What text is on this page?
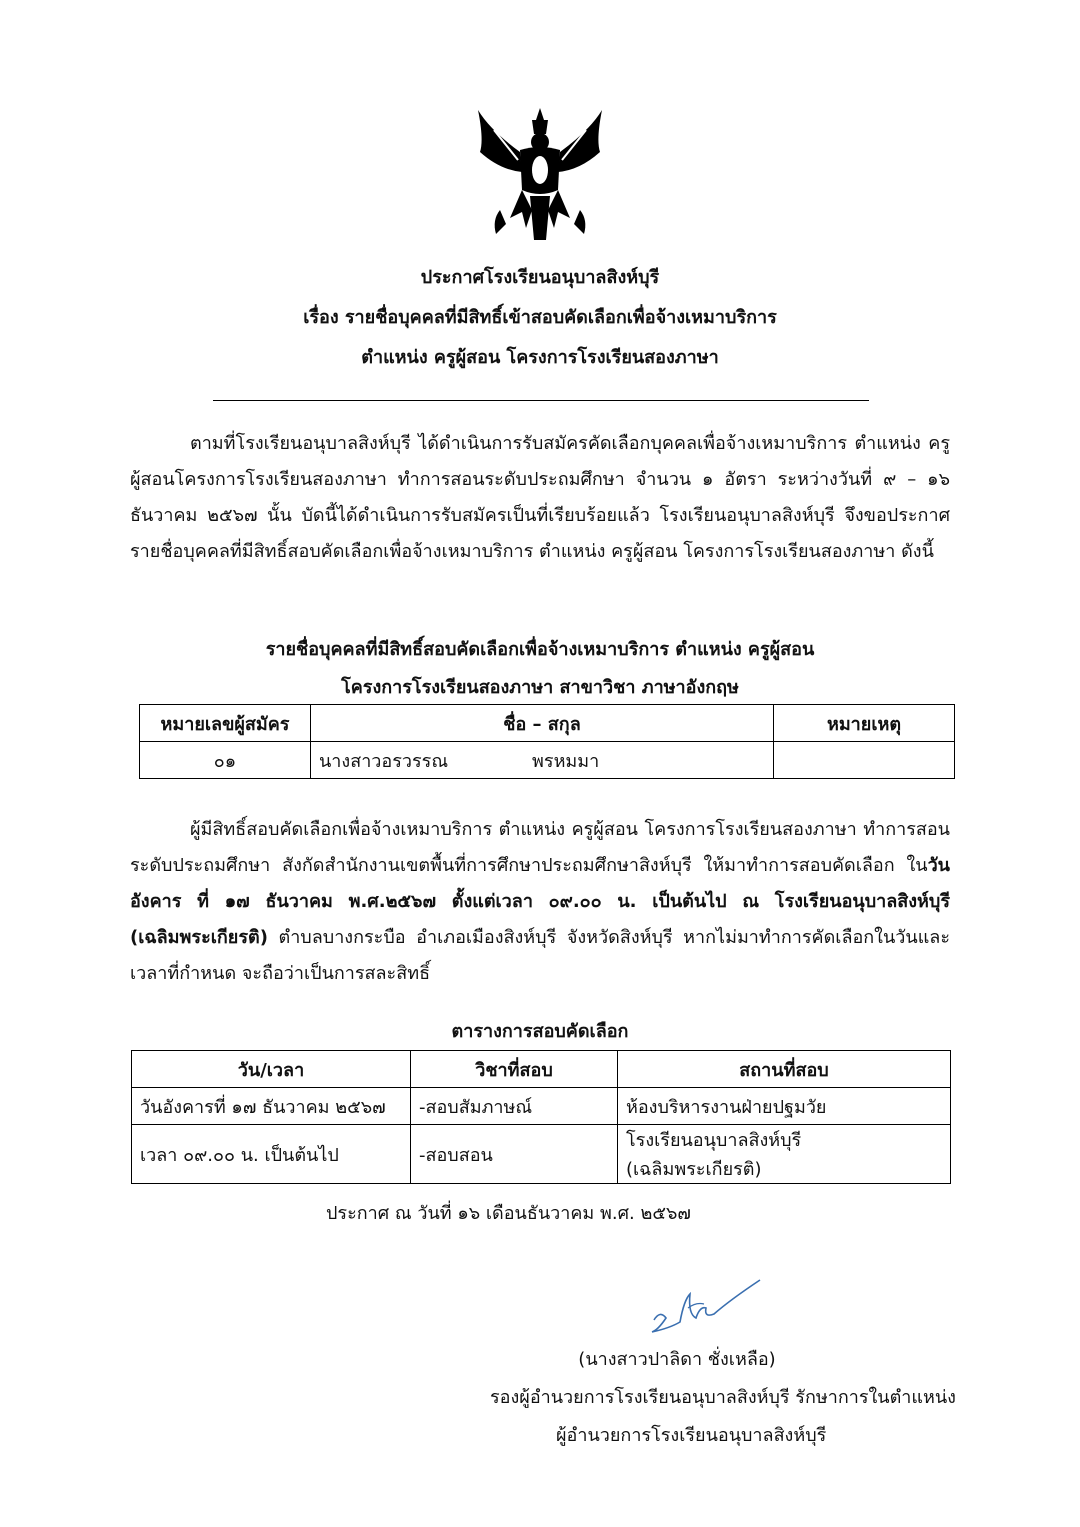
ประกาศโรงเรียนอนุบาลสิงห์บุรี
เรื่อง รายชื่อบุคคลที่มีสิทธิ์เข้าสอบคัดเลือกเพื่อจ้างเหมาบริการ
ตำแหน่ง ครูผู้สอน โครงการโรงเรียนสองภาษา
ตามที่โรงเรียนอนุบาลสิงห์บุรี ได้ดำเนินการรับสมัครคัดเลือกบุคคลเพื่อจ้างเหมาบริการ ตำแหน่ง ครูผู้สอนโครงการโรงเรียนสองภาษา ทำการสอนระดับประถมศึกษา จำนวน ๑ อัตรา ระหว่างวันที่ ๙ – ๑๖ ธันวาคม ๒๕๖๗ นั้น บัดนี้ได้ดำเนินการรับสมัครเป็นที่เรียบร้อยแล้ว โรงเรียนอนุบาลสิงห์บุรี จึงขอประกาศรายชื่อบุคคลที่มีสิทธิ์สอบคัดเลือกเพื่อจ้างเหมาบริการ ตำแหน่ง ครูผู้สอน โครงการโรงเรียนสองภาษา ดังนี้
รายชื่อบุคคลที่มีสิทธิ์สอบคัดเลือกเพื่อจ้างเหมาบริการ ตำแหน่ง ครูผู้สอน
โครงการโรงเรียนสองภาษา สาขาวิชา ภาษาอังกฤษ
หมายเลขผู้สมัคร	ชื่อ – สกุล	หมายเหตุ
๐๑	นางสาวอรวรรณ พรหมมา	
ผู้มีสิทธิ์สอบคัดเลือกเพื่อจ้างเหมาบริการ ตำแหน่ง ครูผู้สอน โครงการโรงเรียนสองภาษา ทำการสอนระดับประถมศึกษา สังกัดสำนักงานเขตพื้นที่การศึกษาประถมศึกษาสิงห์บุรี ให้มาทำการสอบคัดเลือก ในวันอังคาร ที่ ๑๗ ธันวาคม พ.ศ.๒๕๖๗ ตั้งแต่เวลา ๐๙.๐๐ น. เป็นต้นไป ณ โรงเรียนอนุบาลสิงห์บุรี (เฉลิมพระเกียรติ) ตำบลบางกระบือ อำเภอเมืองสิงห์บุรี จังหวัดสิงห์บุรี หากไม่มาทำการคัดเลือกในวันและเวลาที่กำหนด จะถือว่าเป็นการสละสิทธิ์
ตารางการสอบคัดเลือก
วัน/เวลา	วิชาที่สอบ	สถานที่สอบ
วันอังคารที่ ๑๗ ธันวาคม ๒๕๖๗	-สอบสัมภาษณ์	ห้องบริหารงานฝ่ายปฐมวัย
เวลา ๐๙.๐๐ น. เป็นต้นไป	-สอบสอน	โรงเรียนอนุบาลสิงห์บุรี (เฉลิมพระเกียรติ)
ประกาศ ณ วันที่ ๑๖ เดือนธันวาคม พ.ศ. ๒๕๖๗
(นางสาวปาลิดา ชั่งเหลือ)
รองผู้อำนวยการโรงเรียนอนุบาลสิงห์บุรี รักษาการในตำแหน่ง
ผู้อำนวยการโรงเรียนอนุบาลสิงห์บุรี
